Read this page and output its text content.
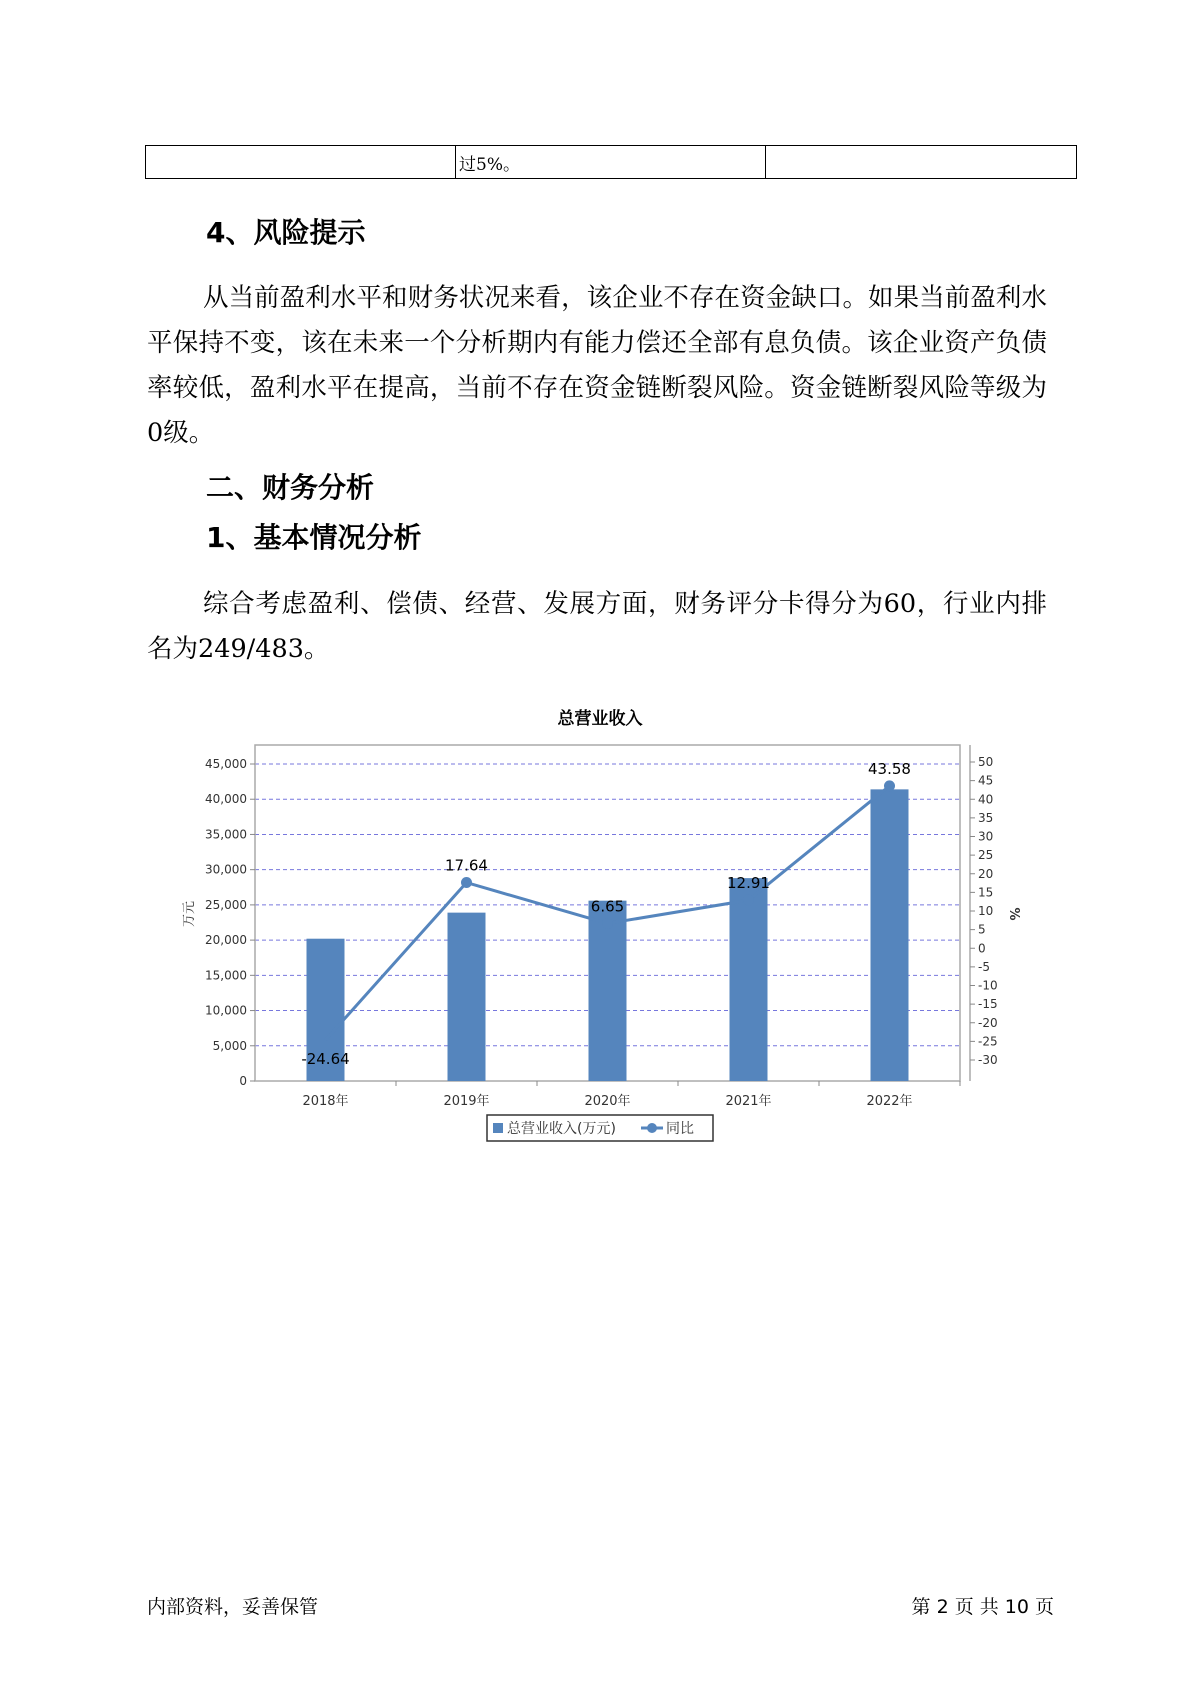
	过5%。	
4、风险提示

从当前盈利水平和财务状况来看，该企业不存在资金缺口。如果当前盈利水平保持不变，该在未来一个分析期内有能力偿还全部有息负债。该企业资产负债率较低，盈利水平在提高，当前不存在资金链断裂风险。资金链断裂风险等级为0级。

二、财务分析
1、基本情况分析

综合考虑盈利、偿债、经营、发展方面，财务评分卡得分为60，行业内排名为249/483。

总营业收入
0
5,000
10,000
15,000
20,000
25,000
30,000
35,000
40,000
45,000
-30
-25
-20
-15
-10
-5
0
5
10
15
20
25
30
35
40
45
50
万元	%
2018年	2019年	2020年	2021年	2022年
-24.64
17.64
6.65
12.91
43.58
总营业收入(万元)	同比
内部资料，妥善保管	第 2 页 共 10 页
